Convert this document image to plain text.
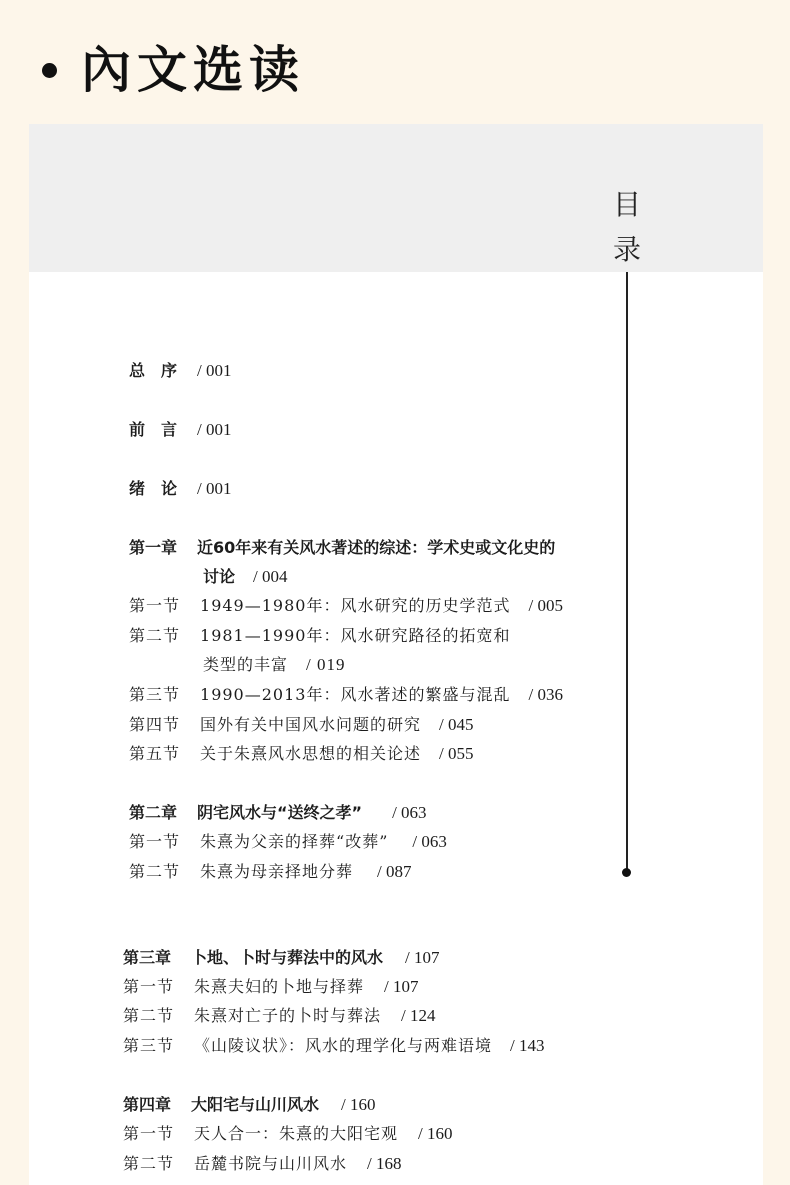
內文选读
目
录
总序 / 001
前言 / 001
绪论 / 001
第一章 近60年来有关风水著述的综述：学术史或文化史的
讨论 / 004
第一节 1949—1980年：风水研究的历史学范式 / 005
第二节 1981—1990年：风水研究路径的拓宽和
类型的丰富 / 019
第三节 1990—2013年：风水著述的繁盛与混乱 / 036
第四节 国外有关中国风水问题的研究 / 045
第五节 关于朱熹风水思想的相关论述 / 055
第二章 阴宅风水与“送终之孝” / 063
第一节 朱熹为父亲的择葬“改葬” / 063
第二节 朱熹为母亲择地分葬 / 087
第三章 卜地、卜时与葬法中的风水 / 107
第一节 朱熹夫妇的卜地与择葬 / 107
第二节 朱熹对亡子的卜时与葬法 / 124
第三节 《山陵议状》：风水的理学化与两难语境 / 143
第四章 大阳宅与山川风水 / 160
第一节 天人合一：朱熹的大阳宅观 / 160
第二节 岳麓书院与山川风水 / 168
